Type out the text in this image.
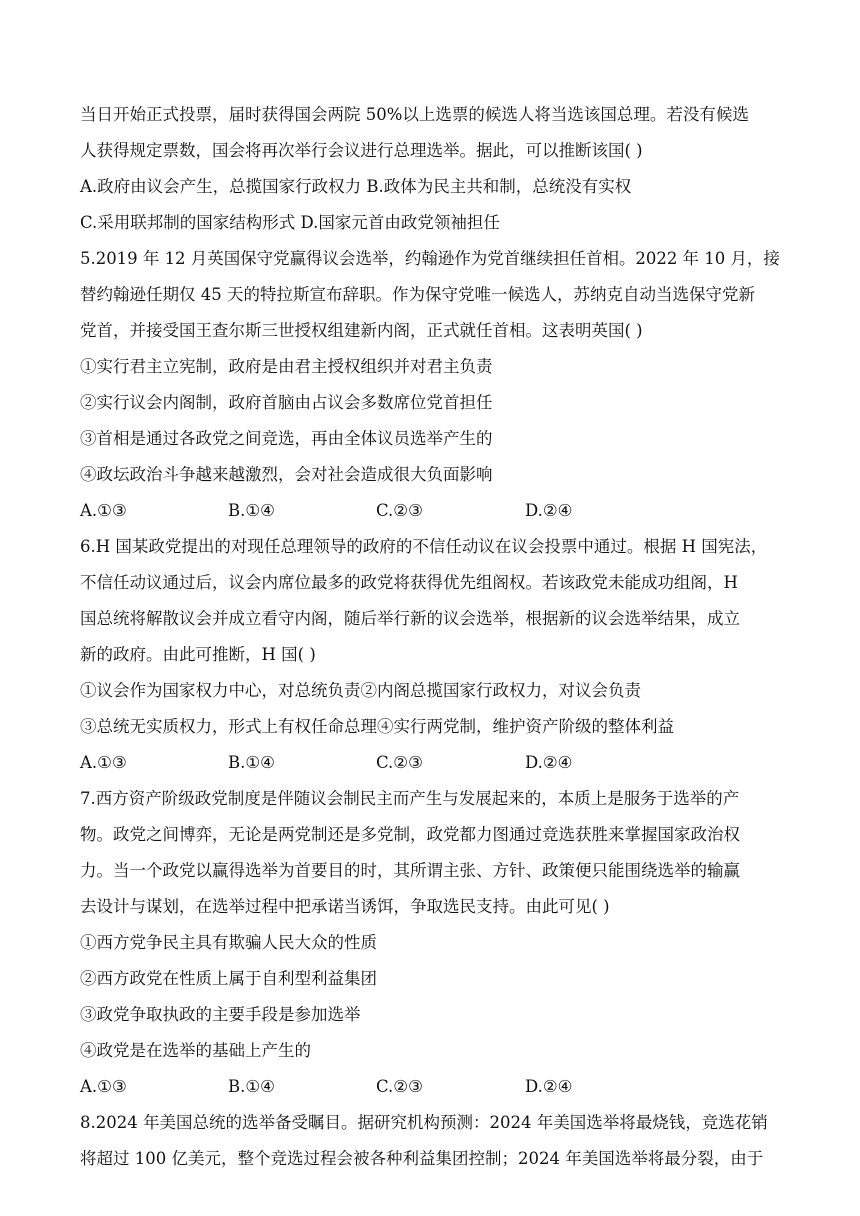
当日开始正式投票，届时获得国会两院 50%以上选票的候选人将当选该国总理。若没有候选
人获得规定票数，国会将再次举行会议进行总理选举。据此，可以推断该国( )
A.政府由议会产生，总揽国家行政权力 B.政体为民主共和制，总统没有实权
C.采用联邦制的国家结构形式 D.国家元首由政党领袖担任
5.2019 年 12 月英国保守党赢得议会选举，约翰逊作为党首继续担任首相。2022 年 10 月，接
替约翰逊任期仅 45 天的特拉斯宣布辞职。作为保守党唯一候选人，苏纳克自动当选保守党新
党首，并接受国王查尔斯三世授权组建新内阁，正式就任首相。这表明英国( )
①实行君主立宪制，政府是由君主授权组织并对君主负责
②实行议会内阁制，政府首脑由占议会多数席位党首担任
③首相是通过各政党之间竞选，再由全体议员选举产生的
④政坛政治斗争越来越激烈，会对社会造成很大负面影响
A.①③	B.①④	C.②③	D.②④
6.H 国某政党提出的对现任总理领导的政府的不信任动议在议会投票中通过。根据 H 国宪法，
不信任动议通过后，议会内席位最多的政党将获得优先组阁权。若该政党未能成功组阁，H
国总统将解散议会并成立看守内阁，随后举行新的议会选举，根据新的议会选举结果，成立
新的政府。由此可推断，H 国( )
①议会作为国家权力中心，对总统负责②内阁总揽国家行政权力，对议会负责
③总统无实质权力，形式上有权任命总理④实行两党制，维护资产阶级的整体利益
A.①③	B.①④	C.②③	D.②④
7.西方资产阶级政党制度是伴随议会制民主而产生与发展起来的，本质上是服务于选举的产
物。政党之间博弈，无论是两党制还是多党制，政党都力图通过竞选获胜来掌握国家政治权
力。当一个政党以赢得选举为首要目的时，其所谓主张、方针、政策便只能围绕选举的输赢
去设计与谋划，在选举过程中把承诺当诱饵，争取选民支持。由此可见( )
①西方党争民主具有欺骗人民大众的性质
②西方政党在性质上属于自利型利益集团
③政党争取执政的主要手段是参加选举
④政党是在选举的基础上产生的
A.①③	B.①④	C.②③	D.②④
8.2024 年美国总统的选举备受瞩目。据研究机构预测：2024 年美国选举将最烧钱，竞选花销
将超过 100 亿美元，整个竞选过程会被各种利益集团控制；2024 年美国选举将最分裂，由于
